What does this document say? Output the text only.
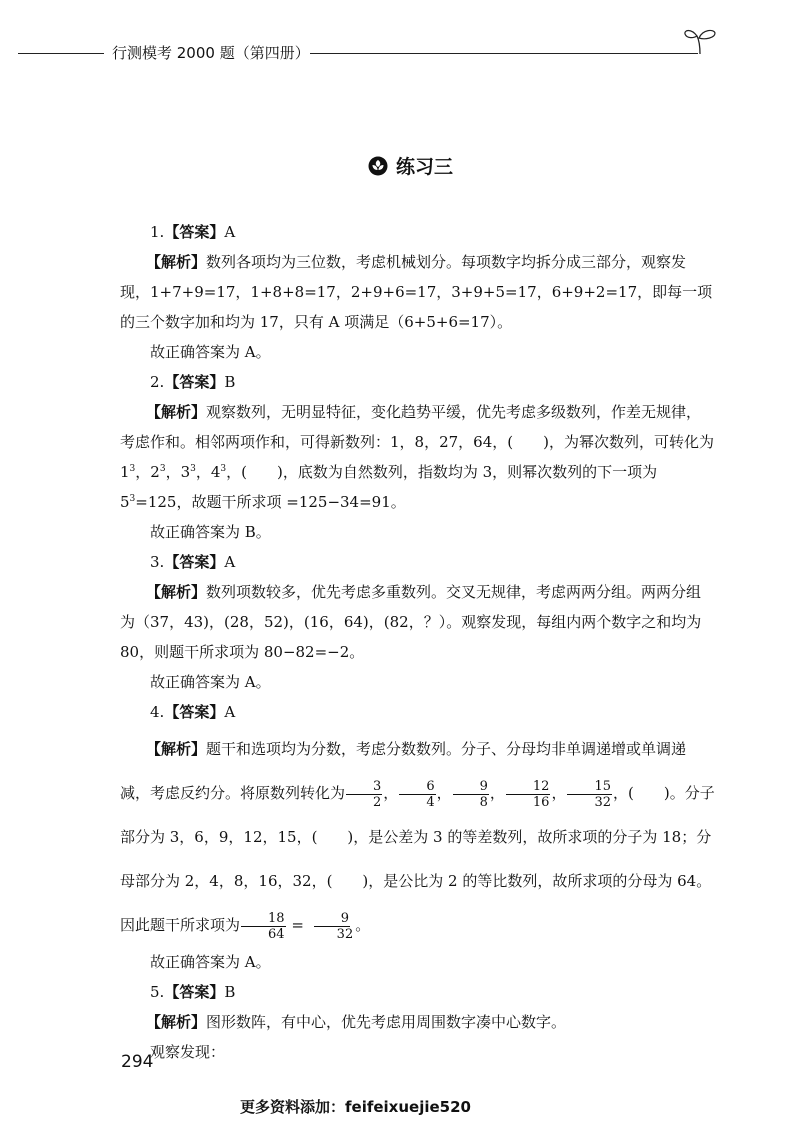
行测模考 2000 题（第四册）
练习三

1.【答案】A

【解析】数列各项均为三位数，考虑机械划分。每项数字均拆分成三部分，观察发现，1+7+9=17，1+8+8=17，2+9+6=17，3+9+5=17，6+9+2=17，即每一项的三个数字加和均为 17，只有 A 项满足（6+5+6=17）。

故正确答案为 A。

2.【答案】B

【解析】观察数列，无明显特征，变化趋势平缓，优先考虑多级数列，作差无规律，考虑作和。相邻两项作和，可得新数列：1，8，27，64，(　　)，为幂次数列，可转化为 $1^3$，$2^3$，$3^3$，$4^3$，(　　)，底数为自然数列，指数均为 3，则幂次数列的下一项为 $5^3=125$，故题干所求项 =125−34=91。

故正确答案为 B。

3.【答案】A

【解析】数列项数较多，优先考虑多重数列。交叉无规律，考虑两两分组。两两分组为（37，43)，(28，52)，(16，64)，(82，？）。观察发现，每组内两个数字之和均为 80，则题干所求项为 80−82=−2。

故正确答案为 A。

4.【答案】A

【解析】题干和选项均为分数，考虑分数数列。分子、分母均非单调递增或单调递减，考虑反约分。将原数列转化为 $\frac{3}{2}$ ， $\frac{6}{4}$ ， $\frac{9}{8}$ ， $\frac{12}{16}$ ， $\frac{15}{32}$ ，(　　)。分子部分为 3，6，9，12，15，(　　)，是公差为 3 的等差数列，故所求项的分子为 18；分母部分为 2，4，8，16，32，(　　)，是公比为 2 的等比数列，故所求项的分母为 64。因此题干所求项为 $\frac{18}{64} = \frac{9}{32}$ 。

故正确答案为 A。

5.【答案】B

【解析】图形数阵，有中心，优先考虑用周围数字凑中心数字。

观察发现：

294
更多资料添加：feifeixuejie520
